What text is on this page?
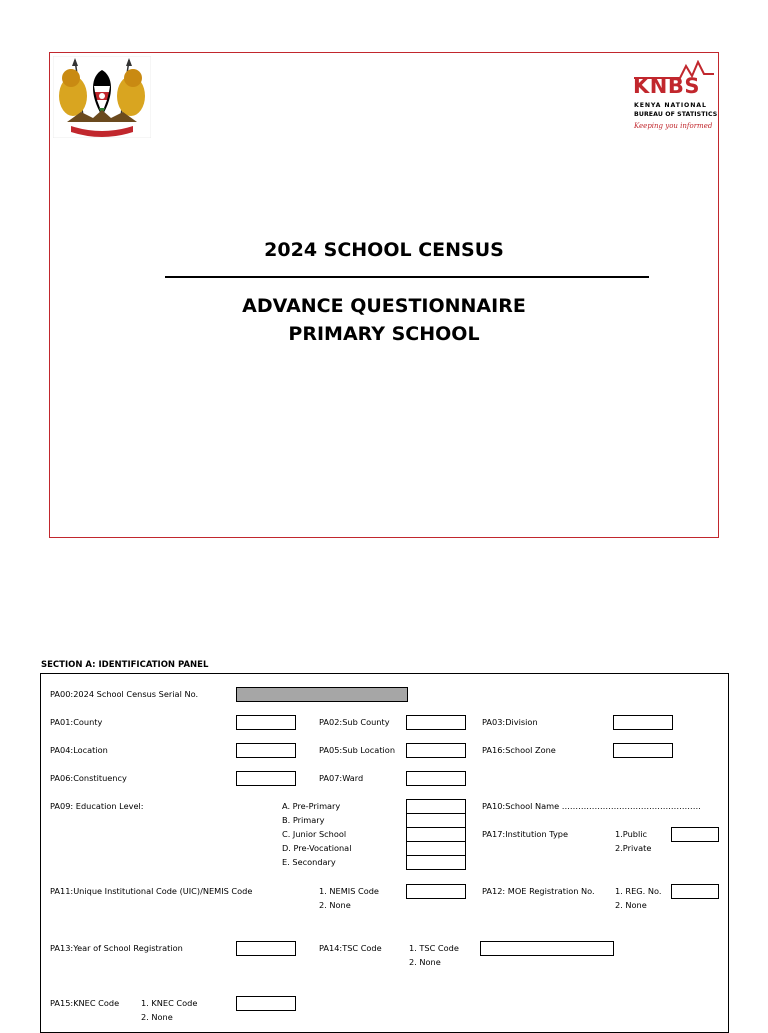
KNBS
KENYA NATIONAL
BUREAU OF STATISTICS
Keeping you informed
2024 SCHOOL CENSUS
ADVANCE QUESTIONNAIRE
PRIMARY SCHOOL
SECTION A: IDENTIFICATION PANEL
PA00:2024 School Census Serial No.
PA01:County	PA02:Sub County	PA03:Division
PA04:Location	PA05:Sub Location	PA16:School Zone
PA06:Constituency	PA07:Ward
PA09: Education Level:	A. Pre-Primary
B. Primary
C. Junior School
D. Pre-Vocational
E. Secondary
PA10:School Name ……………………………………………
PA17:Institution Type	1.Public
2.Private
PA11:Unique Institutional Code (UIC)/NEMIS Code	1. NEMIS Code
2. None
PA12: MOE Registration No. 1. REG. No.
2. None
PA13:Year of School Registration	PA14:TSC Code	1. TSC Code
2. None
PA15:KNEC Code	1. KNEC Code
2. None
